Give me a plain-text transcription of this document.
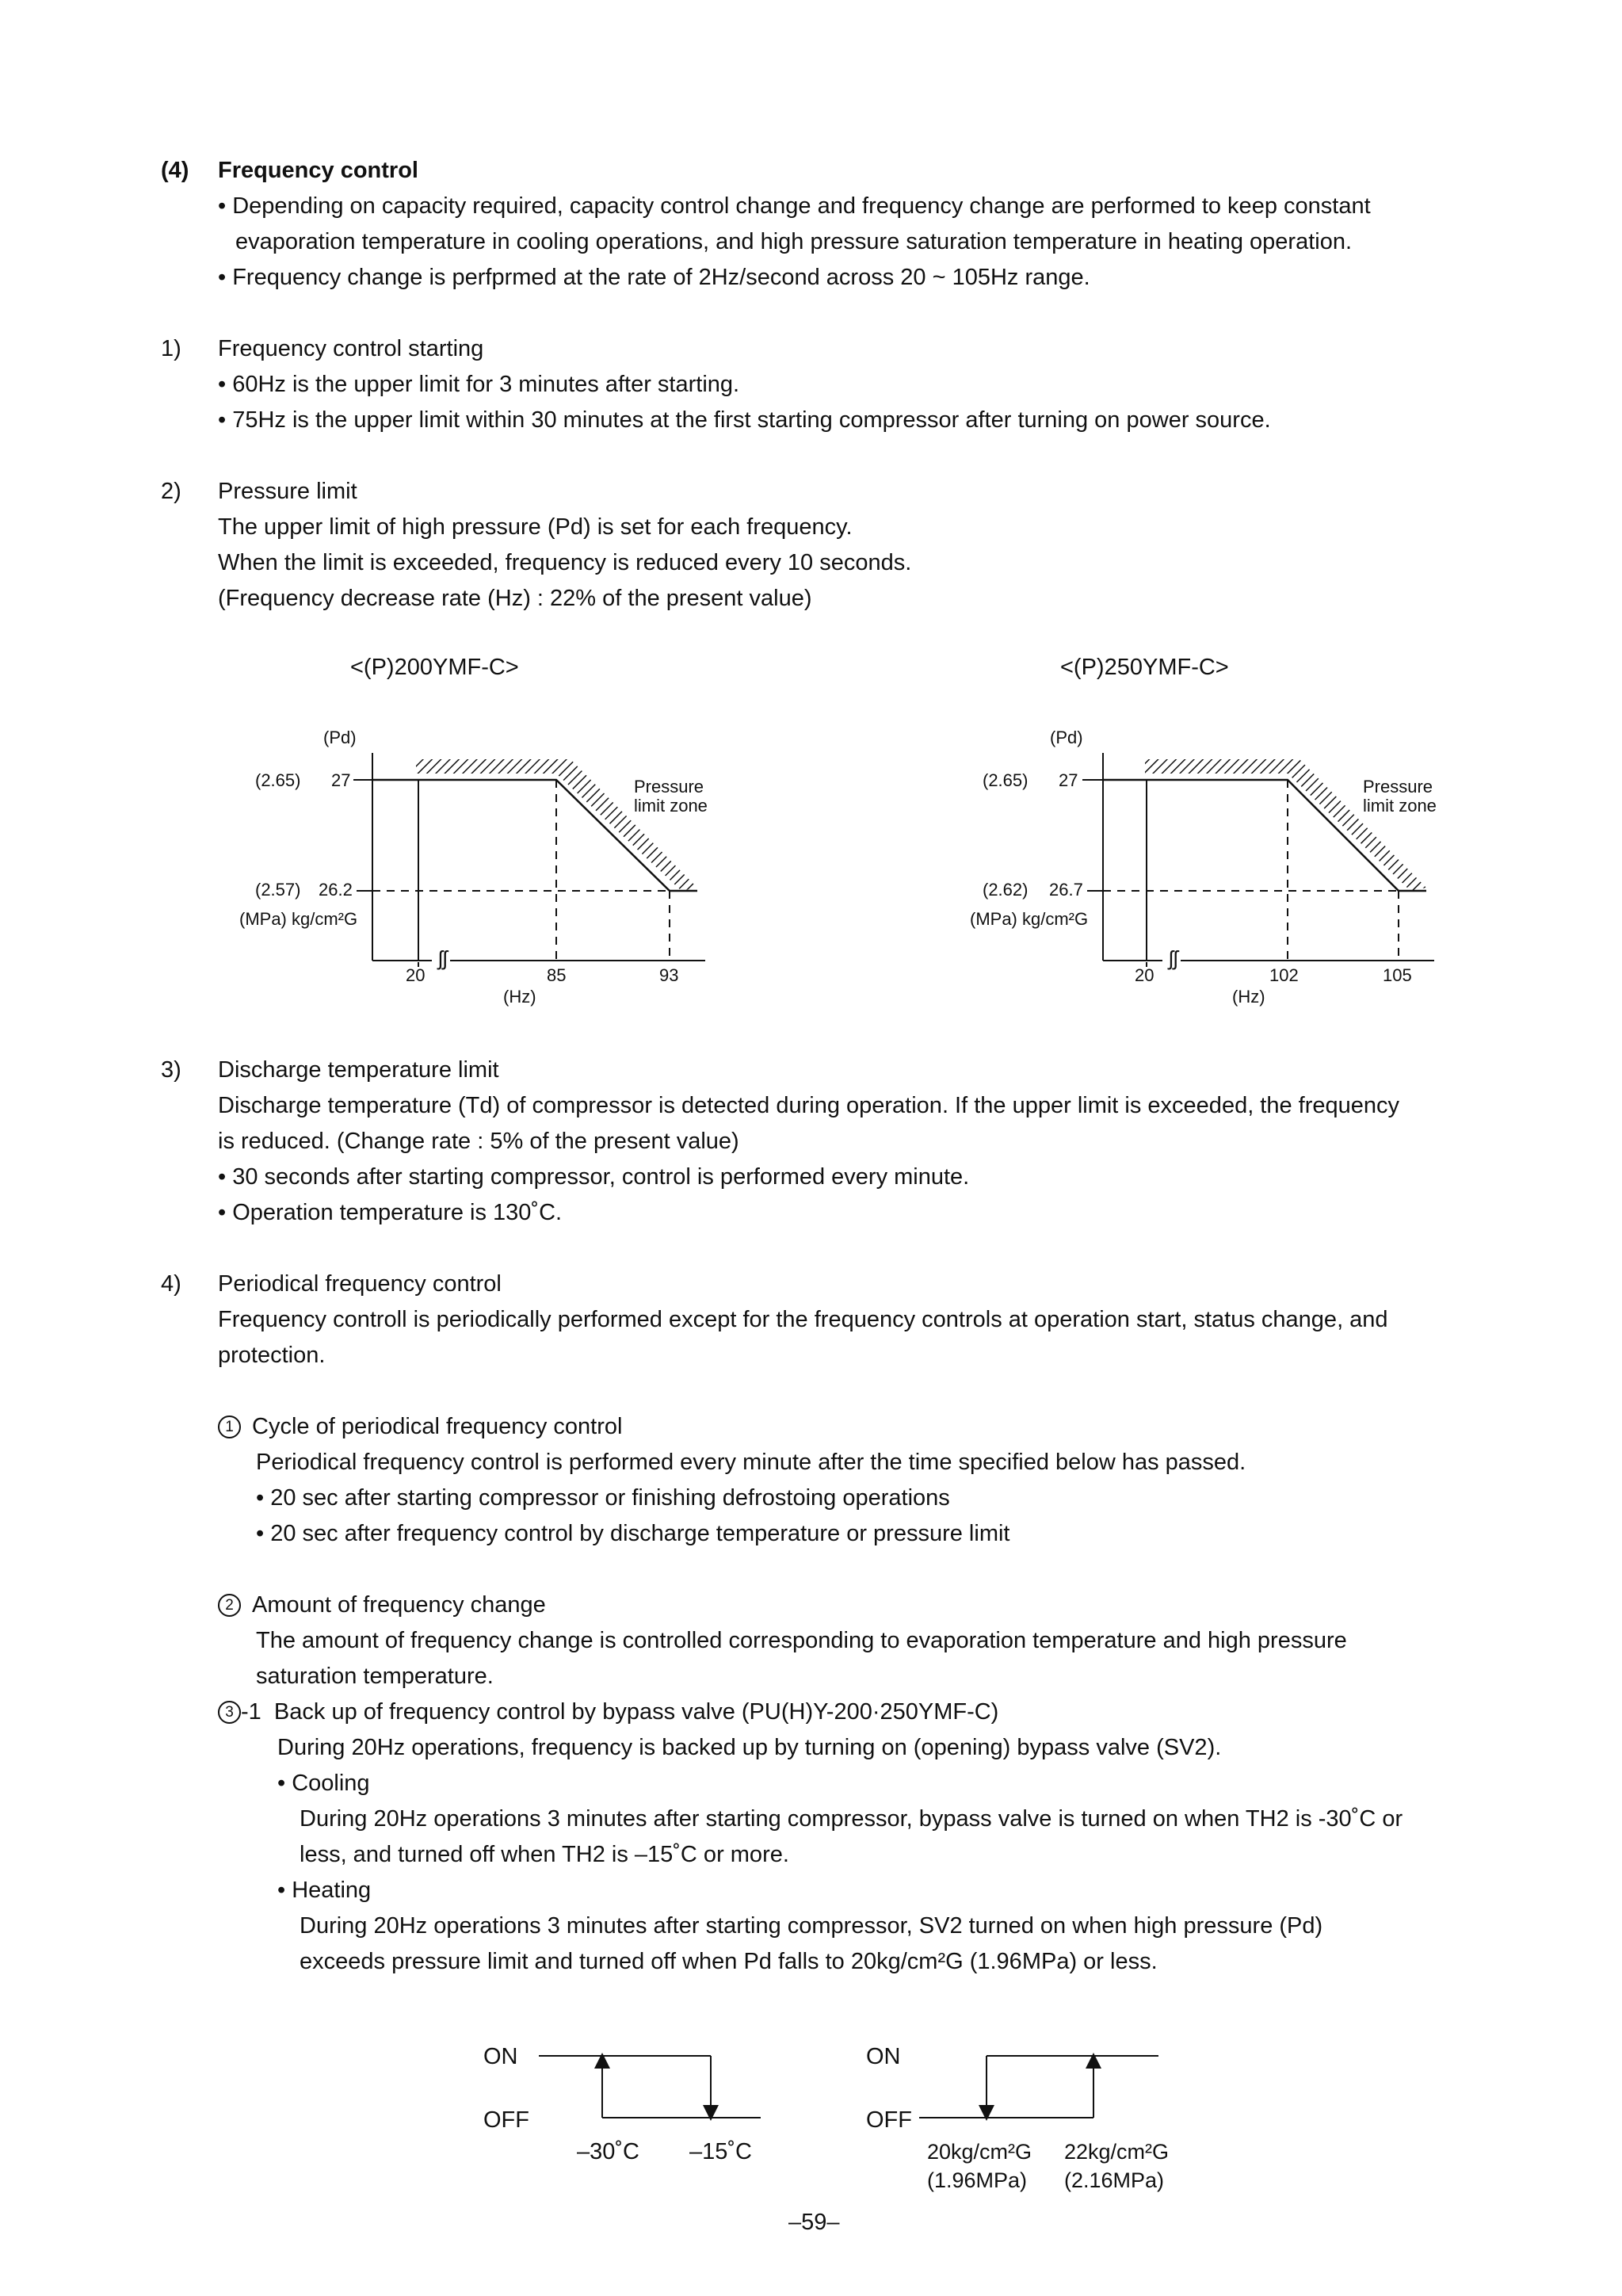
(4) Frequency control
• Depending on capacity required, capacity control change and frequency change are performed to keep constant
evaporation temperature in cooling operations, and high pressure saturation temperature in heating operation.
• Frequency change is perfprmed at the rate of 2Hz/second across 20 ~ 105Hz range.
1) Frequency control starting
• 60Hz is the upper limit for 3 minutes after starting.
• 75Hz is the upper limit within 30 minutes at the first starting compressor after turning on power source.
2) Pressure limit
The upper limit of high pressure (Pd) is set for each frequency.
When the limit is exceeded, frequency is reduced every 10 seconds.
(Frequency decrease rate (Hz) : 22% of the present value)
<(P)200YMF-C>	<(P)250YMF-C>
(Pd)
ʃʃ
(2.65) 27
(2.57) 26.2
(MPa) kg/cm²G
Pressure
limit zone
20	85	93
(Hz)
(Pd)
ʃʃ
(2.65) 27
(2.62) 26.7
(MPa) kg/cm²G
Pressure
limit zone
20	102	105
(Hz)
3) Discharge temperature limit
Discharge temperature (Td) of compressor is detected during operation. If the upper limit is exceeded, the frequency
is reduced. (Change rate : 5% of the present value)
• 30 seconds after starting compressor, control is performed every minute.
• Operation temperature is 130˚C.
4) Periodical frequency control
Frequency controll is periodically performed except for the frequency controls at operation start, status change, and
protection.
1 Cycle of periodical frequency control
Periodical frequency control is performed every minute after the time specified below has passed.
• 20 sec after starting compressor or finishing defrostoing operations
• 20 sec after frequency control by discharge temperature or pressure limit
2 Amount of frequency change
The amount of frequency change is controlled corresponding to evaporation temperature and high pressure
saturation temperature.
3 -1 Back up of frequency control by bypass valve (PU(H)Y-200·250YMF-C)
During 20Hz operations, frequency is backed up by turning on (opening) bypass valve (SV2).
• Cooling
During 20Hz operations 3 minutes after starting compressor, bypass valve is turned on when TH2 is -30˚C or
less, and turned off when TH2 is –15˚C or more.
• Heating
During 20Hz operations 3 minutes after starting compressor, SV2 turned on when high pressure (Pd)
exceeds pressure limit and turned off when Pd falls to 20kg/cm²G (1.96MPa) or less.
ON
OFF
–30˚C –15˚C
ON
OFF
20kg/cm²G
(1.96MPa)
22kg/cm²G
(2.16MPa)
–59–
